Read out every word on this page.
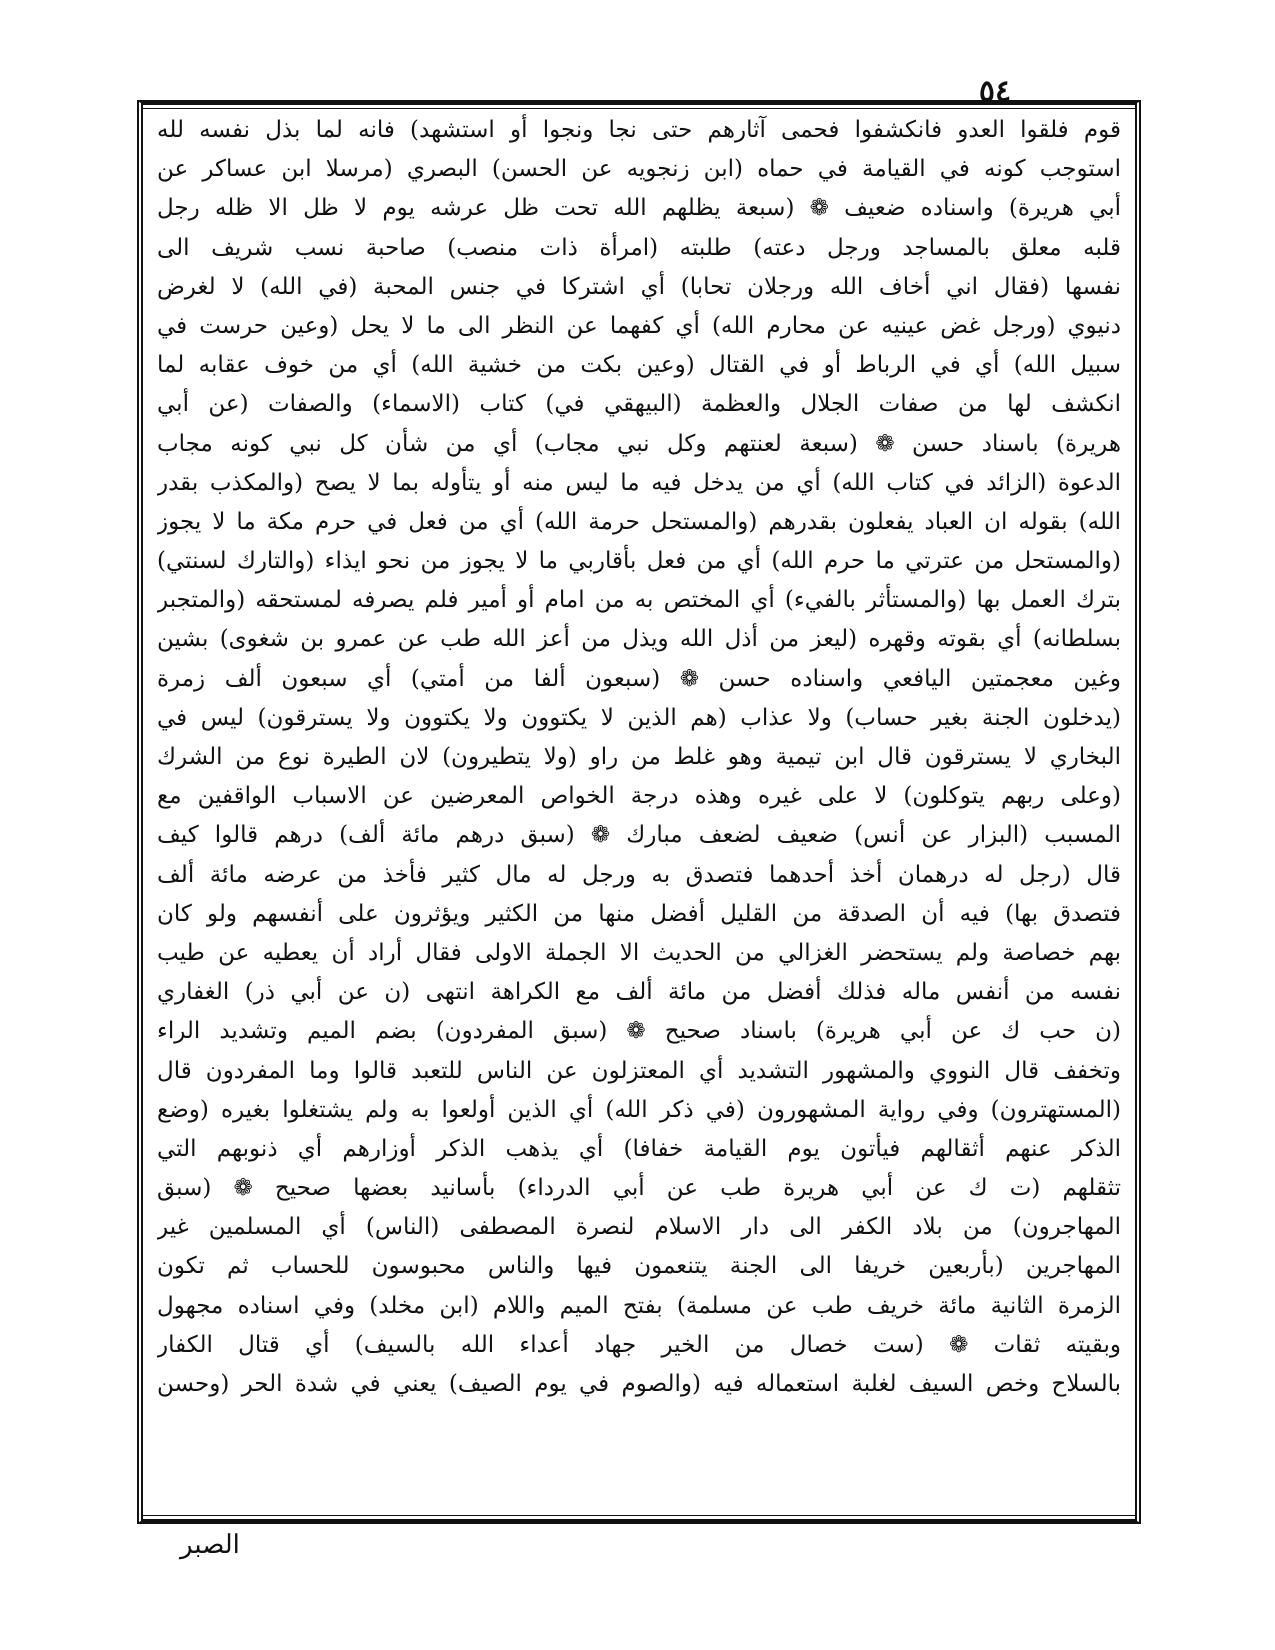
٥٤
قوم فلقوا العدو فانكشفوا فحمى آثارهم حتى نجا ونجوا أو استشهد) فانه لما بذل نفسه لله
استوجب كونه في القيامة في حماه (ابن زنجويه عن الحسن) البصري (مرسلا ابن عساكر عن
أبي هريرة) واسناده ضعيف ❁ (سبعة يظلهم الله تحت ظل عرشه يوم لا ظل الا ظله رجل
قلبه معلق بالمساجد ورجل دعته) طلبته (امرأة ذات منصب) صاحبة نسب شريف الى
نفسها (فقال اني أخاف الله ورجلان تحابا) أي اشتركا في جنس المحبة (في الله) لا لغرض
دنيوي (ورجل غض عينيه عن محارم الله) أي كفهما عن النظر الى ما لا يحل (وعين حرست في
سبيل الله) أي في الرباط أو في القتال (وعين بكت من خشية الله) أي من خوف عقابه لما
انكشف لها من صفات الجلال والعظمة (البيهقي في) كتاب (الاسماء) والصفات (عن أبي
هريرة) باسناد حسن ❁ (سبعة لعنتهم وكل نبي مجاب) أي من شأن كل نبي كونه مجاب
الدعوة (الزائد في كتاب الله) أي من يدخل فيه ما ليس منه أو يتأوله بما لا يصح (والمكذب بقدر
الله) بقوله ان العباد يفعلون بقدرهم (والمستحل حرمة الله) أي من فعل في حرم مكة ما لا يجوز
(والمستحل من عترتي ما حرم الله) أي من فعل بأقاربي ما لا يجوز من نحو ايذاء (والتارك لسنتي)
بترك العمل بها (والمستأثر بالفيء) أي المختص به من امام أو أمير فلم يصرفه لمستحقه (والمتجبر
بسلطانه) أي بقوته وقهره (ليعز من أذل الله ويذل من أعز الله طب عن عمرو بن شغوى) بشين
وغين معجمتين اليافعي واسناده حسن ❁ (سبعون ألفا من أمتي) أي سبعون ألف زمرة
(يدخلون الجنة بغير حساب) ولا عذاب (هم الذين لا يكتوون ولا يكتوون ولا يسترقون) ليس في
البخاري لا يسترقون قال ابن تيمية وهو غلط من راو (ولا يتطيرون) لان الطيرة نوع من الشرك
(وعلى ربهم يتوكلون) لا على غيره وهذه درجة الخواص المعرضين عن الاسباب الواقفين مع
المسبب (البزار عن أنس) ضعيف لضعف مبارك ❁ (سبق درهم مائة ألف) درهم قالوا كيف
قال (رجل له درهمان أخذ أحدهما فتصدق به ورجل له مال كثير فأخذ من عرضه مائة ألف
فتصدق بها) فيه أن الصدقة من القليل أفضل منها من الكثير ويؤثرون على أنفسهم ولو كان
بهم خصاصة ولم يستحضر الغزالي من الحديث الا الجملة الاولى فقال أراد أن يعطيه عن طيب
نفسه من أنفس ماله فذلك أفضل من مائة ألف مع الكراهة انتهى (ن عن أبي ذر) الغفاري
(ن حب ك عن أبي هريرة) باسناد صحيح ❁ (سبق المفردون) بضم الميم وتشديد الراء
وتخفف قال النووي والمشهور التشديد أي المعتزلون عن الناس للتعبد قالوا وما المفردون قال
(المستهترون) وفي رواية المشهورون (في ذكر الله) أي الذين أولعوا به ولم يشتغلوا بغيره (وضع
الذكر عنهم أثقالهم فيأتون يوم القيامة خفافا) أي يذهب الذكر أوزارهم أي ذنوبهم التي
تثقلهم (ت ك عن أبي هريرة طب عن أبي الدرداء) بأسانيد بعضها صحيح ❁ (سبق
المهاجرون) من بلاد الكفر الى دار الاسلام لنصرة المصطفى (الناس) أي المسلمين غير
المهاجرين (بأربعين خريفا الى الجنة يتنعمون فيها والناس محبوسون للحساب ثم تكون
الزمرة الثانية مائة خريف طب عن مسلمة) بفتح الميم واللام (ابن مخلد) وفي اسناده مجهول
وبقيته ثقات ❁ (ست خصال من الخير جهاد أعداء الله بالسيف) أي قتال الكفار
بالسلاح وخص السيف لغلبة استعماله فيه (والصوم في يوم الصيف) يعني في شدة الحر (وحسن
الصبر
